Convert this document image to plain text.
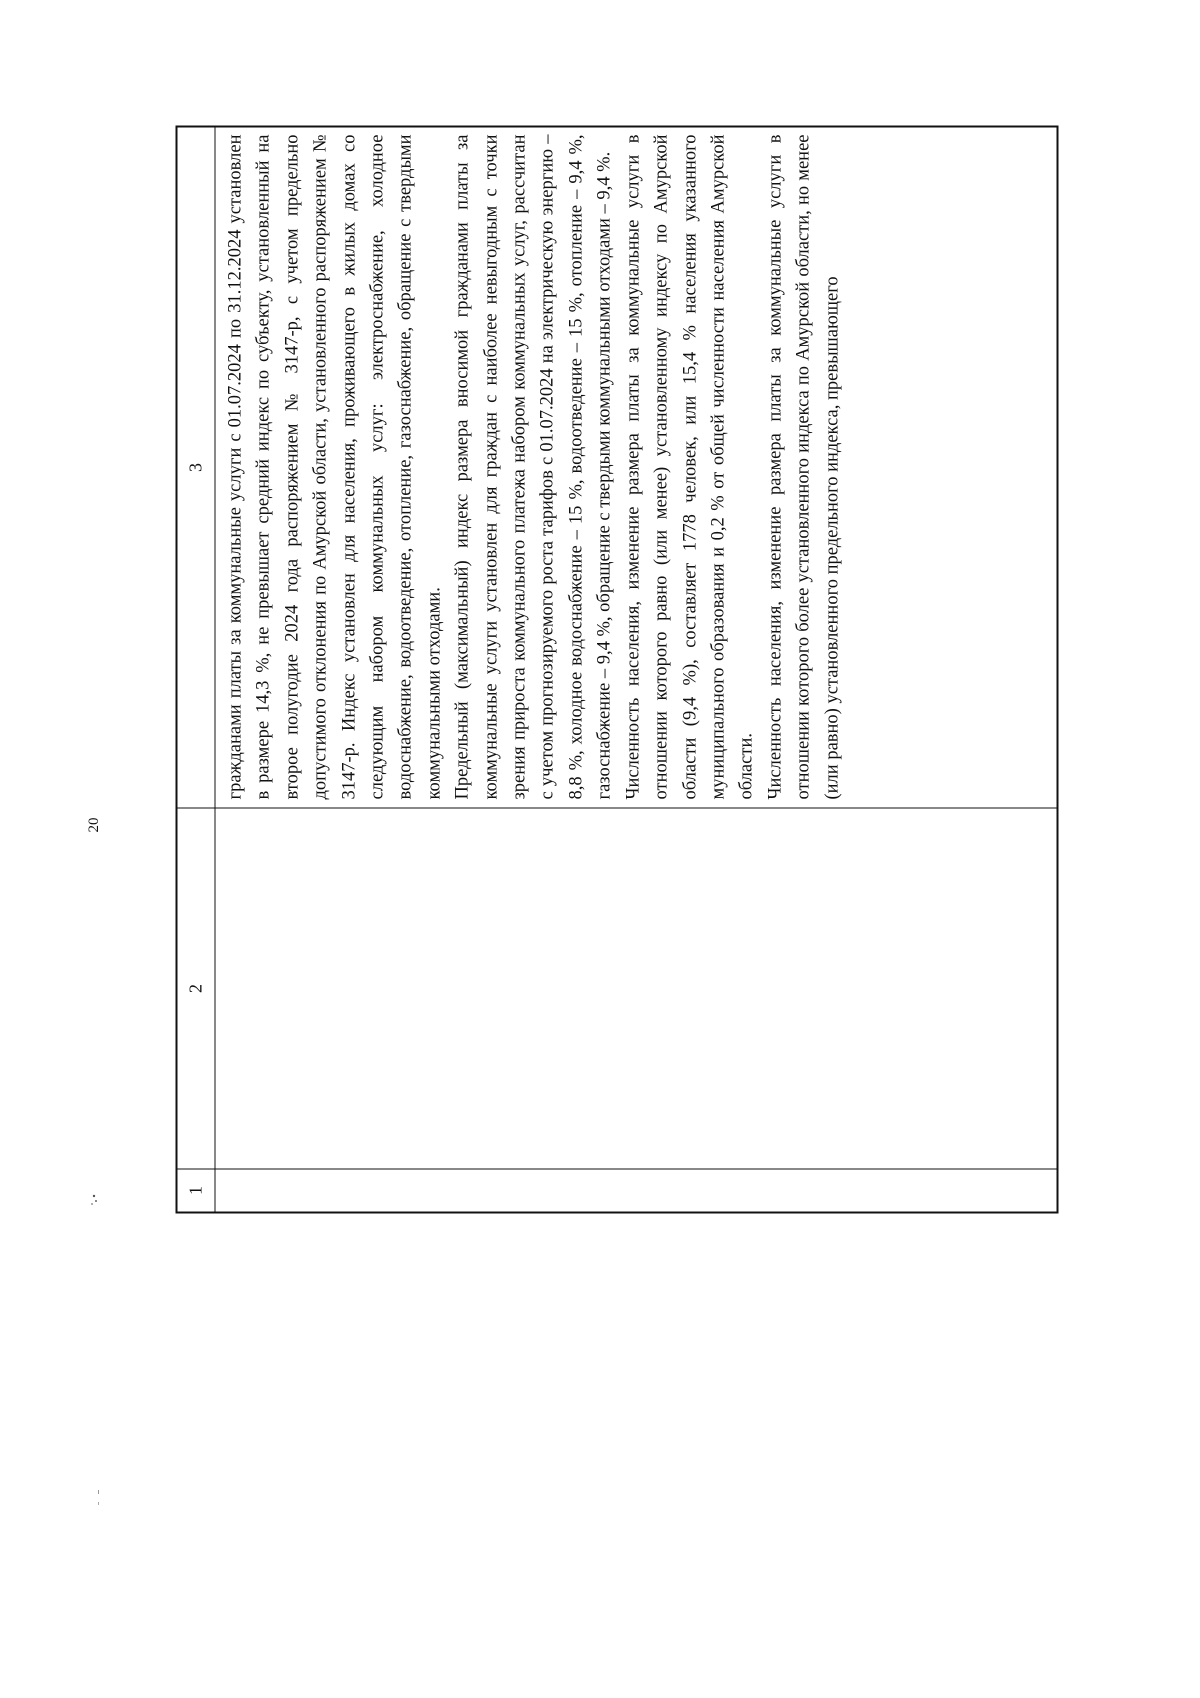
20
1
2
3	гражданами платы за коммунальные услуги с 01.07.2024 по 31.12.2024 установлен в размере 14,3 %, не превышает средний индекс по субъекту, установленный на второе полугодие 2024 года распоряжением № 3147-р, с учетом предельно допустимого отклонения по Амурской области, установленного распоряжением № 3147-р. Индекс установлен для населения, проживающего в жилых домах со следующим набором коммунальных услуг: электроснабжение, холодное водоснабжение, водоотведение, отопление, газоснабжение, обращение с твердыми коммунальными отходами. Предельный (максимальный) индекс размера вносимой гражданами платы за коммунальные услуги установлен для граждан с наиболее невыгодным с точки зрения прироста коммунального платежа набором коммунальных услуг, рассчитан с учетом прогнозируемого роста тарифов с 01.07.2024 на электрическую энергию – 8,8 %, холодное водоснабжение – 15 %, водоотведение – 15 %, отопление – 9,4 %, газоснабжение – 9,4 %, обращение с твердыми коммунальными отходами – 9,4 %. Численность населения, изменение размера платы за коммунальные услуги в отношении которого равно (или менее) установленному индексу по Амурской области (9,4 %), составляет 1778 человек, или 15,4 % населения указанного муниципального образования и 0,2 % от общей численности населения Амурской области. Численность населения, изменение размера платы за коммунальные услуги в отношении которого более установленного индекса по Амурской области, но менее (или равно) установленного предельного индекса, превышающего
